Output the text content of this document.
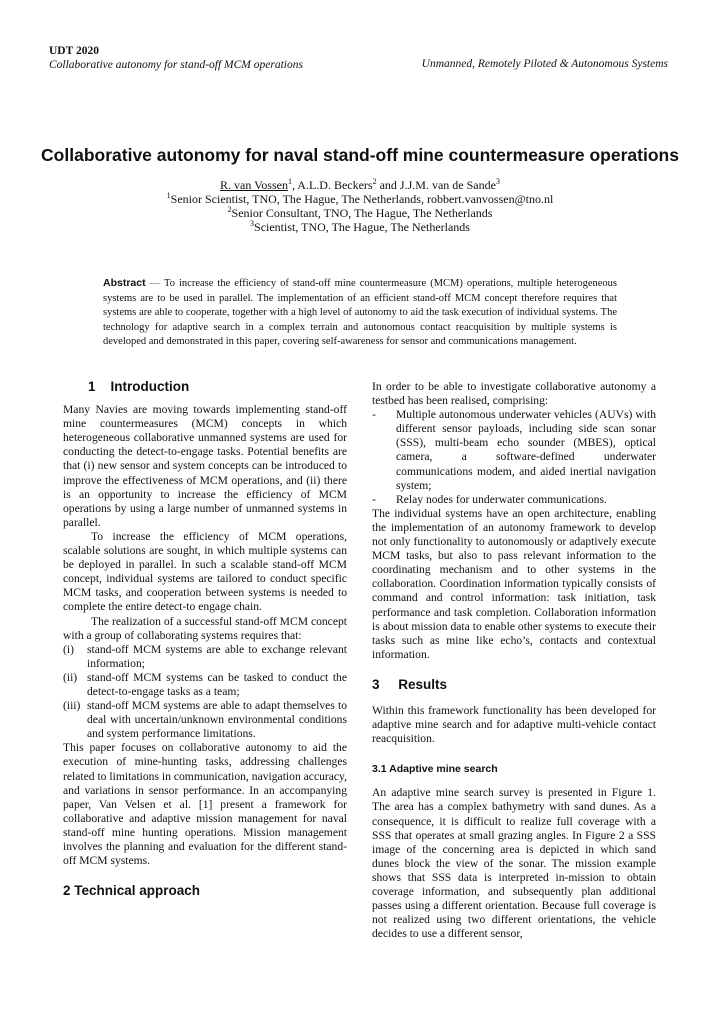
UDT 2020
Collaborative autonomy for stand-off MCM operations	Unmanned, Remotely Piloted & Autonomous Systems
Collaborative autonomy for naval stand-off mine countermeasure operations
R. van Vossen$^1$, A.L.D. Beckers$^2$ and J.J.M. van de Sande$^3$
$^1$Senior Scientist, TNO, The Hague, The Netherlands, robbert.vanvossen@tno.nl
$^2$Senior Consultant, TNO, The Hague, The Netherlands
$^3$Scientist, TNO, The Hague, The Netherlands
Abstract — To increase the efficiency of stand-off mine countermeasure (MCM) operations, multiple heterogeneous systems are to be used in parallel. The implementation of an efficient stand-off MCM concept therefore requires that systems are able to cooperate, together with a high level of autonomy to aid the task execution of individual systems. The technology for adaptive search in a complex terrain and autonomous contact reacquisition by multiple systems is developed and demonstrated in this paper, covering self-awareness for sensor and communications management.
1 Introduction

Many Navies are moving towards implementing stand-off mine countermeasures (MCM) concepts in which heterogeneous collaborative unmanned systems are used for conducting the detect-to-engage tasks. Potential benefits are that (i) new sensor and system concepts can be introduced to improve the effectiveness of MCM operations, and (ii) there is an opportunity to increase the efficiency of MCM operations by using a large number of unmanned systems in parallel.

To increase the efficiency of MCM operations, scalable solutions are sought, in which multiple systems can be deployed in parallel. In such a scalable stand-off MCM concept, individual systems are tailored to conduct specific MCM tasks, and cooperation between systems is needed to complete the entire detect-to engage chain.

The realization of a successful stand-off MCM concept with a group of collaborating systems requires that:

(i)	stand-off MCM systems are able to exchange relevant information;
(ii) stand-off MCM systems can be tasked to conduct the detect-to-engage tasks as a team;
(iii) stand-off MCM systems are able to adapt themselves to deal with uncertain/unknown environmental conditions and system performance limitations.

This paper focuses on collaborative autonomy to aid the execution of mine-hunting tasks, addressing challenges related to limitations in communication, navigation accuracy, and variations in sensor performance. In an accompanying paper, Van Velsen et al. [1] present a framework for collaborative and adaptive mission management for naval stand-off mine hunting operations. Mission management involves the planning and evaluation for the different stand-off MCM systems.

2 Technical approach

In order to be able to investigate collaborative autonomy a testbed has been realised, comprising:

-	Multiple autonomous underwater vehicles (AUVs) with different sensor payloads, including side scan sonar (SSS), multi-beam echo sounder (MBES), optical camera, a software-defined underwater communications modem, and aided inertial navigation system;
-	Relay nodes for underwater communications.

The individual systems have an open architecture, enabling the implementation of an autonomy framework to develop not only functionality to autonomously or adaptively execute MCM tasks, but also to pass relevant information to the coordinating mechanism and to other systems in the collaboration. Coordination information typically consists of command and control information: task initiation, task performance and task completion. Collaboration information is about mission data to enable other systems to execute their tasks such as mine like echo’s, contacts and contextual information.

3 Results

Within this framework functionality has been developed for adaptive mine search and for adaptive multi-vehicle contact reacquisition.

3.1 Adaptive mine search

An adaptive mine search survey is presented in Figure 1. The area has a complex bathymetry with sand dunes. As a consequence, it is difficult to realize full coverage with a SSS that operates at small grazing angles. In Figure 2 a SSS image of the concerning area is depicted in which sand dunes block the view of the sonar. The mission example shows that SSS data is interpreted in-mission to obtain coverage information, and subsequently plan additional passes using a different orientation. Because full coverage is not realized using two different orientations, the vehicle decides to use a different sensor,
